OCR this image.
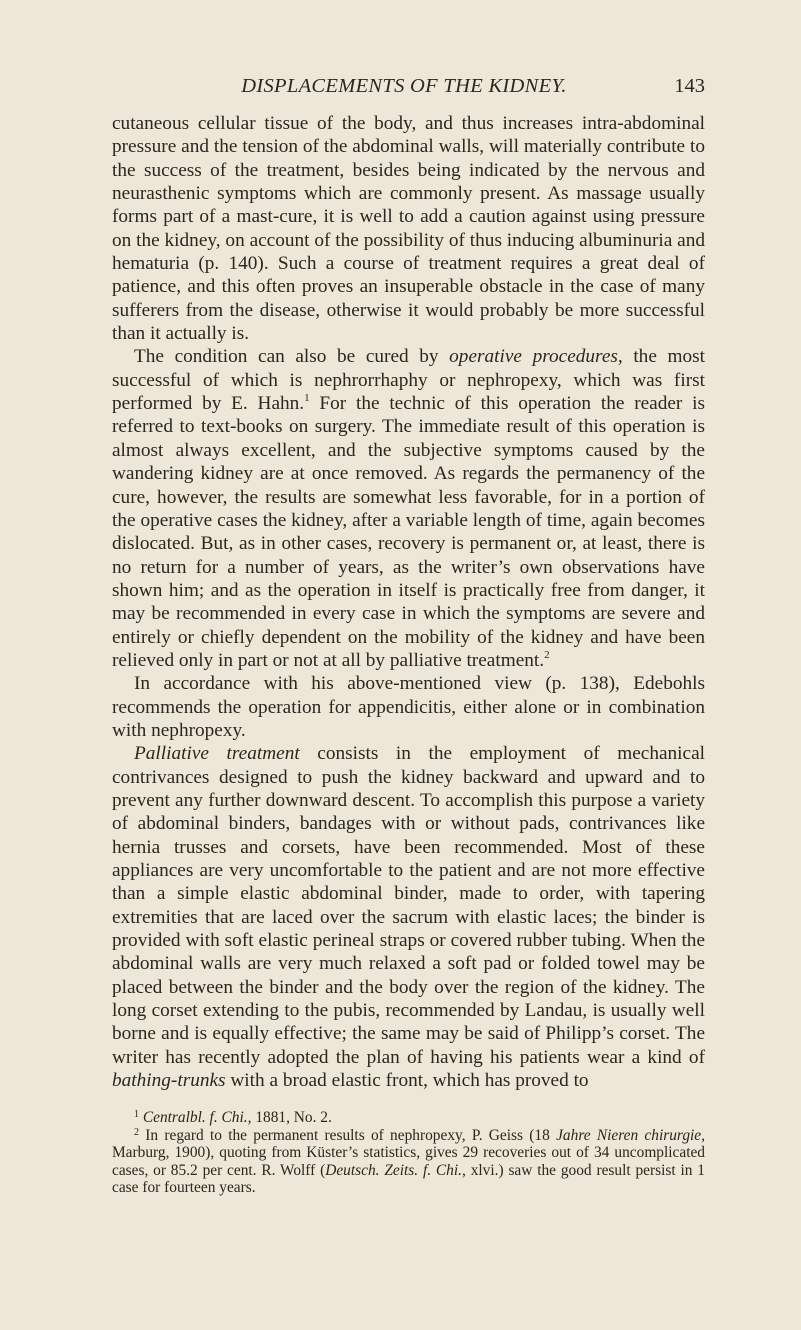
DISPLACEMENTS OF THE KIDNEY.	143

cutaneous cellular tissue of the body, and thus increases intra-abdominal pressure and the tension of the abdominal walls, will materially contribute to the success of the treatment, besides being indicated by the nervous and neurasthenic symptoms which are commonly present. As massage usually forms part of a mast-cure, it is well to add a caution against using pressure on the kidney, on account of the possibility of thus inducing albuminuria and hematuria (p. 140). Such a course of treatment requires a great deal of patience, and this often proves an insuperable obstacle in the case of many sufferers from the disease, otherwise it would probably be more successful than it actually is.

The condition can also be cured by operative procedures, the most successful of which is nephrorrhaphy or nephropexy, which was first performed by E. Hahn.$^1$ For the technic of this operation the reader is referred to text-books on surgery. The immediate result of this operation is almost always excellent, and the subjective symptoms caused by the wandering kidney are at once removed. As regards the permanency of the cure, however, the results are somewhat less favorable, for in a portion of the operative cases the kidney, after a variable length of time, again becomes dislocated. But, as in other cases, recovery is permanent or, at least, there is no return for a number of years, as the writer’s own observations have shown him; and as the operation in itself is practically free from danger, it may be recommended in every case in which the symptoms are severe and entirely or chiefly dependent on the mobility of the kidney and have been relieved only in part or not at all by palliative treatment.$^2$

In accordance with his above-mentioned view (p. 138), Edebohls recommends the operation for appendicitis, either alone or in combination with nephropexy.

Palliative treatment consists in the employment of mechanical contrivances designed to push the kidney backward and upward and to prevent any further downward descent. To accomplish this purpose a variety of abdominal binders, bandages with or without pads, contrivances like hernia trusses and corsets, have been recommended. Most of these appliances are very uncomfortable to the patient and are not more effective than a simple elastic abdominal binder, made to order, with tapering extremities that are laced over the sacrum with elastic laces; the binder is provided with soft elastic perineal straps or covered rubber tubing. When the abdominal walls are very much relaxed a soft pad or folded towel may be placed between the binder and the body over the region of the kidney. The long corset extending to the pubis, recommended by Landau, is usually well borne and is equally effective; the same may be said of Philipp’s corset. The writer has recently adopted the plan of having his patients wear a kind of bathing-trunks with a broad elastic front, which has proved to

$^1$ Centralbl. f. Chi., 1881, No. 2.

$^2$ In regard to the permanent results of nephropexy, P. Geiss (18 Jahre Nieren chirurgie, Marburg, 1900), quoting from Küster’s statistics, gives 29 recoveries out of 34 uncomplicated cases, or 85.2 per cent. R. Wolff (Deutsch. Zeits. f. Chi., xlvi.) saw the good result persist in 1 case for fourteen years.
